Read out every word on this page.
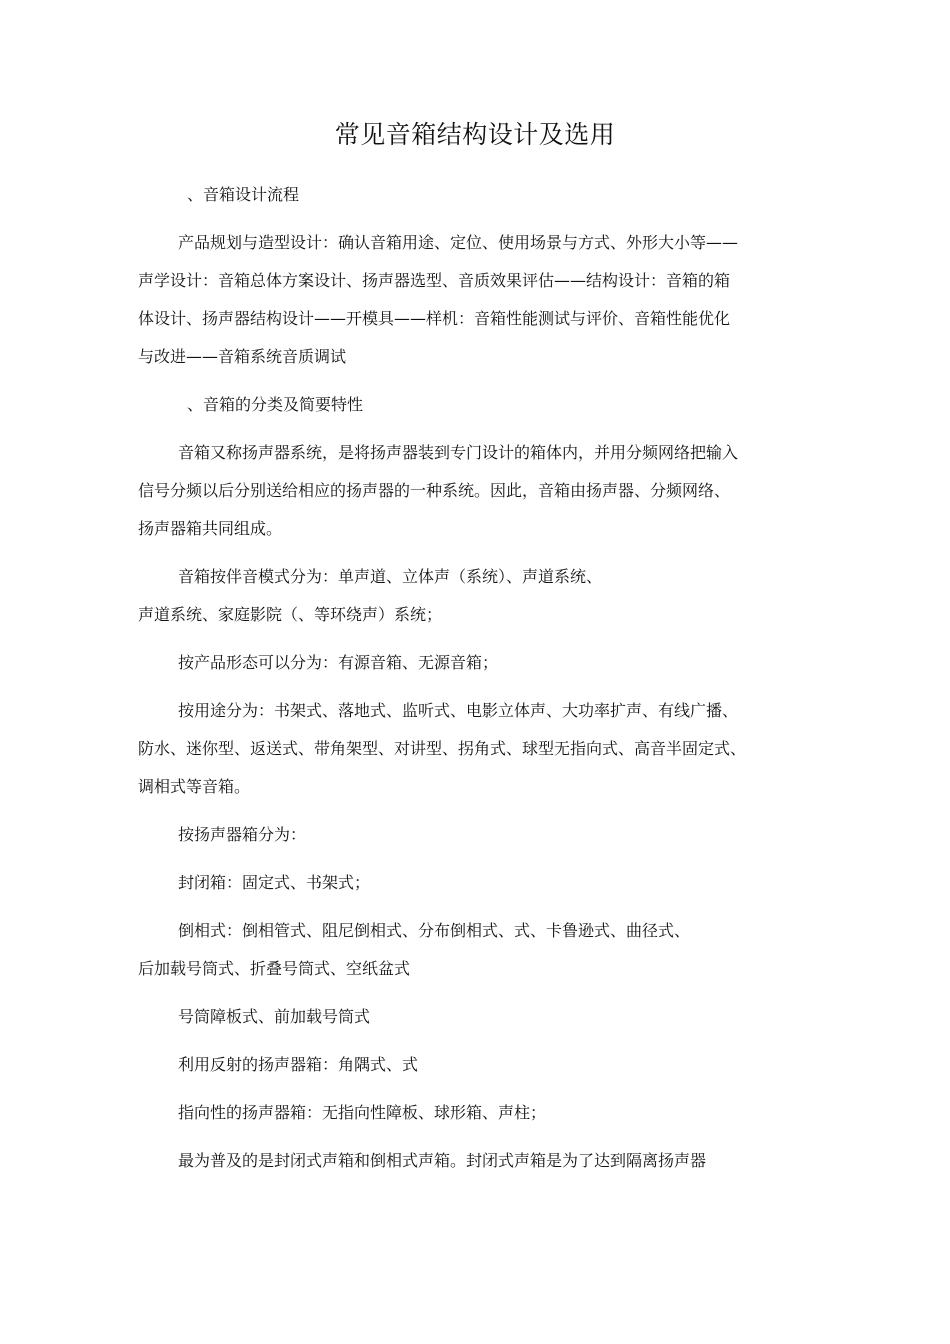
常见音箱结构设计及选用

、音箱设计流程

产品规划与造型设计：确认音箱用途、定位、使用场景与方式、外形大小等——

声学设计：音箱总体方案设计、扬声器选型、音质效果评估——结构设计：音箱的箱

体设计、扬声器结构设计——开模具——样机：音箱性能测试与评价、音箱性能优化

与改进——音箱系统音质调试

、音箱的分类及简要特性

音箱又称扬声器系统，是将扬声器装到专门设计的箱体内，并用分频网络把输入

信号分频以后分别送给相应的扬声器的一种系统。因此，音箱由扬声器、分频网络、

扬声器箱共同组成。

音箱按伴音模式分为：单声道、立体声（系统）、声道系统、

声道系统、家庭影院（、等环绕声）系统；

按产品形态可以分为：有源音箱、无源音箱；

按用途分为：书架式、落地式、监听式、电影立体声、大功率扩声、有线广播、

防水、迷你型、返送式、带角架型、对讲型、拐角式、球型无指向式、高音半固定式、

调相式等音箱。

按扬声器箱分为：

封闭箱：固定式、书架式；

倒相式：倒相管式、阻尼倒相式、分布倒相式、式、卡鲁逊式、曲径式、

后加载号筒式、折叠号筒式、空纸盆式

号筒障板式、前加载号筒式

利用反射的扬声器箱：角隅式、式

指向性的扬声器箱：无指向性障板、球形箱、声柱；

最为普及的是封闭式声箱和倒相式声箱。封闭式声箱是为了达到隔离扬声器
